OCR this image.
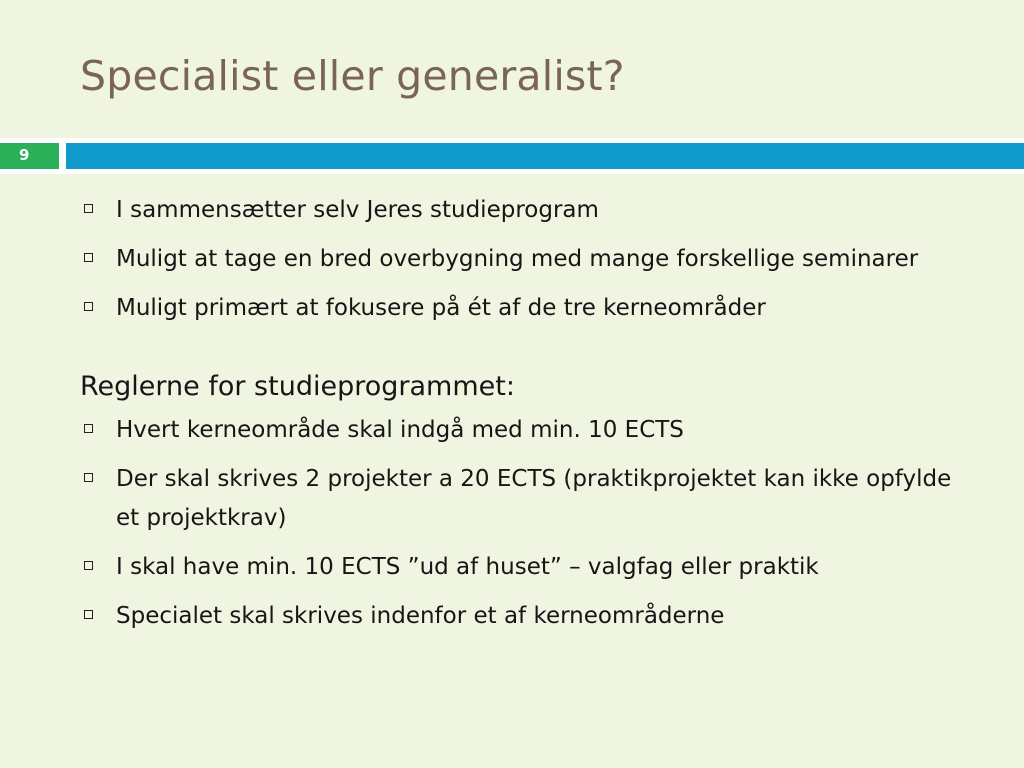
Specialist eller generalist?
9
I sammensætter selv Jeres studieprogram
Muligt at tage en bred overbygning med mange forskellige seminarer
Muligt primært at fokusere på ét af de tre kerneområder
Reglerne for studieprogrammet:
Hvert kerneområde skal indgå med min. 10 ECTS
Der skal skrives 2 projekter a 20 ECTS (praktikprojektet kan ikke opfylde et projektkrav)
I skal have min. 10 ECTS ”ud af huset” – valgfag eller praktik
Specialet skal skrives indenfor et af kerneområderne
